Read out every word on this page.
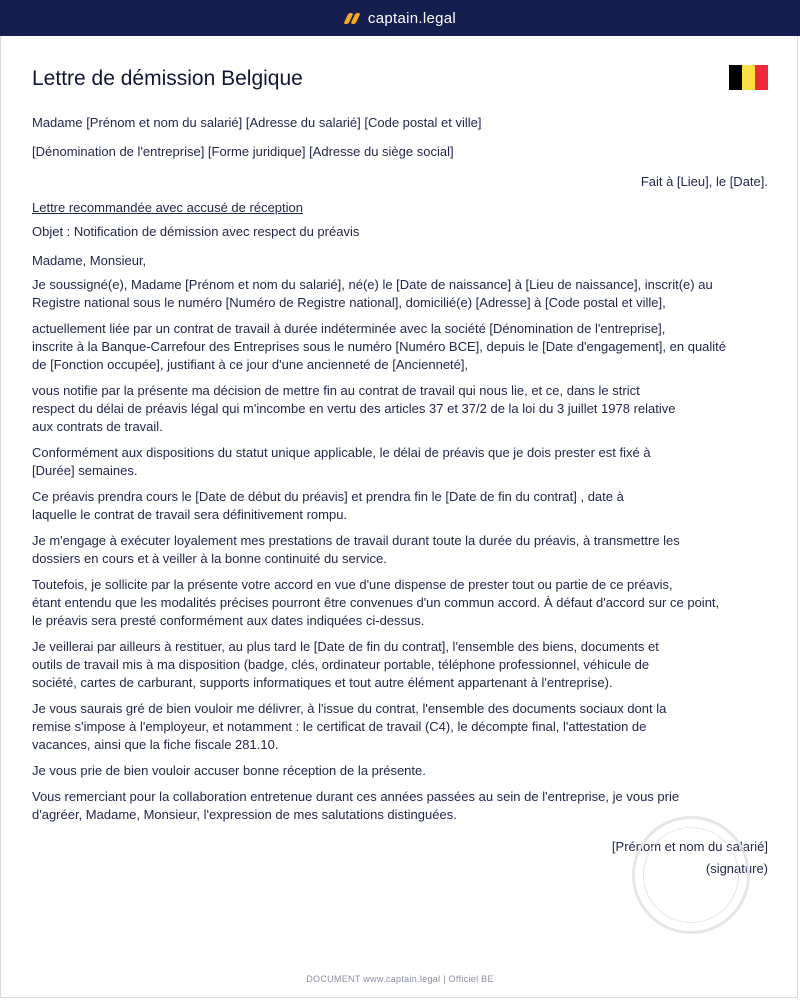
captain.legal
Lettre de démission Belgique

Madame [Prénom et nom du salarié] [Adresse du salarié] [Code postal et ville]

[Dénomination de l'entreprise] [Forme juridique] [Adresse du siège social]

Fait à [Lieu], le [Date].

Lettre recommandée avec accusé de réception

Objet : Notification de démission avec respect du préavis

Madame, Monsieur,

Je soussigné(e), Madame [Prénom et nom du salarié], né(e) le [Date de naissance] à [Lieu de naissance], inscrit(e) au
Registre national sous le numéro [Numéro de Registre national], domicilié(e) [Adresse] à [Code postal et ville],

actuellement liée par un contrat de travail à durée indéterminée avec la société [Dénomination de l'entreprise],
inscrite à la Banque-Carrefour des Entreprises sous le numéro [Numéro BCE], depuis le [Date d'engagement], en qualité
de [Fonction occupée], justifiant à ce jour d'une ancienneté de [Ancienneté],

vous notifie par la présente ma décision de mettre fin au contrat de travail qui nous lie, et ce, dans le strict
respect du délai de préavis légal qui m'incombe en vertu des articles 37 et 37/2 de la loi du 3 juillet 1978 relative
aux contrats de travail.

Conformément aux dispositions du statut unique applicable, le délai de préavis que je dois prester est fixé à
[Durée] semaines.

Ce préavis prendra cours le [Date de début du préavis] et prendra fin le [Date de fin du contrat] , date à
laquelle le contrat de travail sera définitivement rompu.

Je m'engage à exécuter loyalement mes prestations de travail durant toute la durée du préavis, à transmettre les
dossiers en cours et à veiller à la bonne continuité du service.

Toutefois, je sollicite par la présente votre accord en vue d'une dispense de prester tout ou partie de ce préavis,
étant entendu que les modalités précises pourront être convenues d'un commun accord. À défaut d'accord sur ce point,
le préavis sera presté conformément aux dates indiquées ci-dessus.

Je veillerai par ailleurs à restituer, au plus tard le [Date de fin du contrat], l'ensemble des biens, documents et
outils de travail mis à ma disposition (badge, clés, ordinateur portable, téléphone professionnel, véhicule de
société, cartes de carburant, supports informatiques et tout autre élément appartenant à l'entreprise).

Je vous saurais gré de bien vouloir me délivrer, à l'issue du contrat, l'ensemble des documents sociaux dont la
remise s'impose à l'employeur, et notamment : le certificat de travail (C4), le décompte final, l'attestation de
vacances, ainsi que la fiche fiscale 281.10.

Je vous prie de bien vouloir accuser bonne réception de la présente.

Vous remerciant pour la collaboration entretenue durant ces années passées au sein de l'entreprise, je vous prie
d'agréer, Madame, Monsieur, l'expression de mes salutations distinguées.

[Prénom et nom du salarié]

(signature)

DOCUMENT www.captain.legal | Officiel BE
